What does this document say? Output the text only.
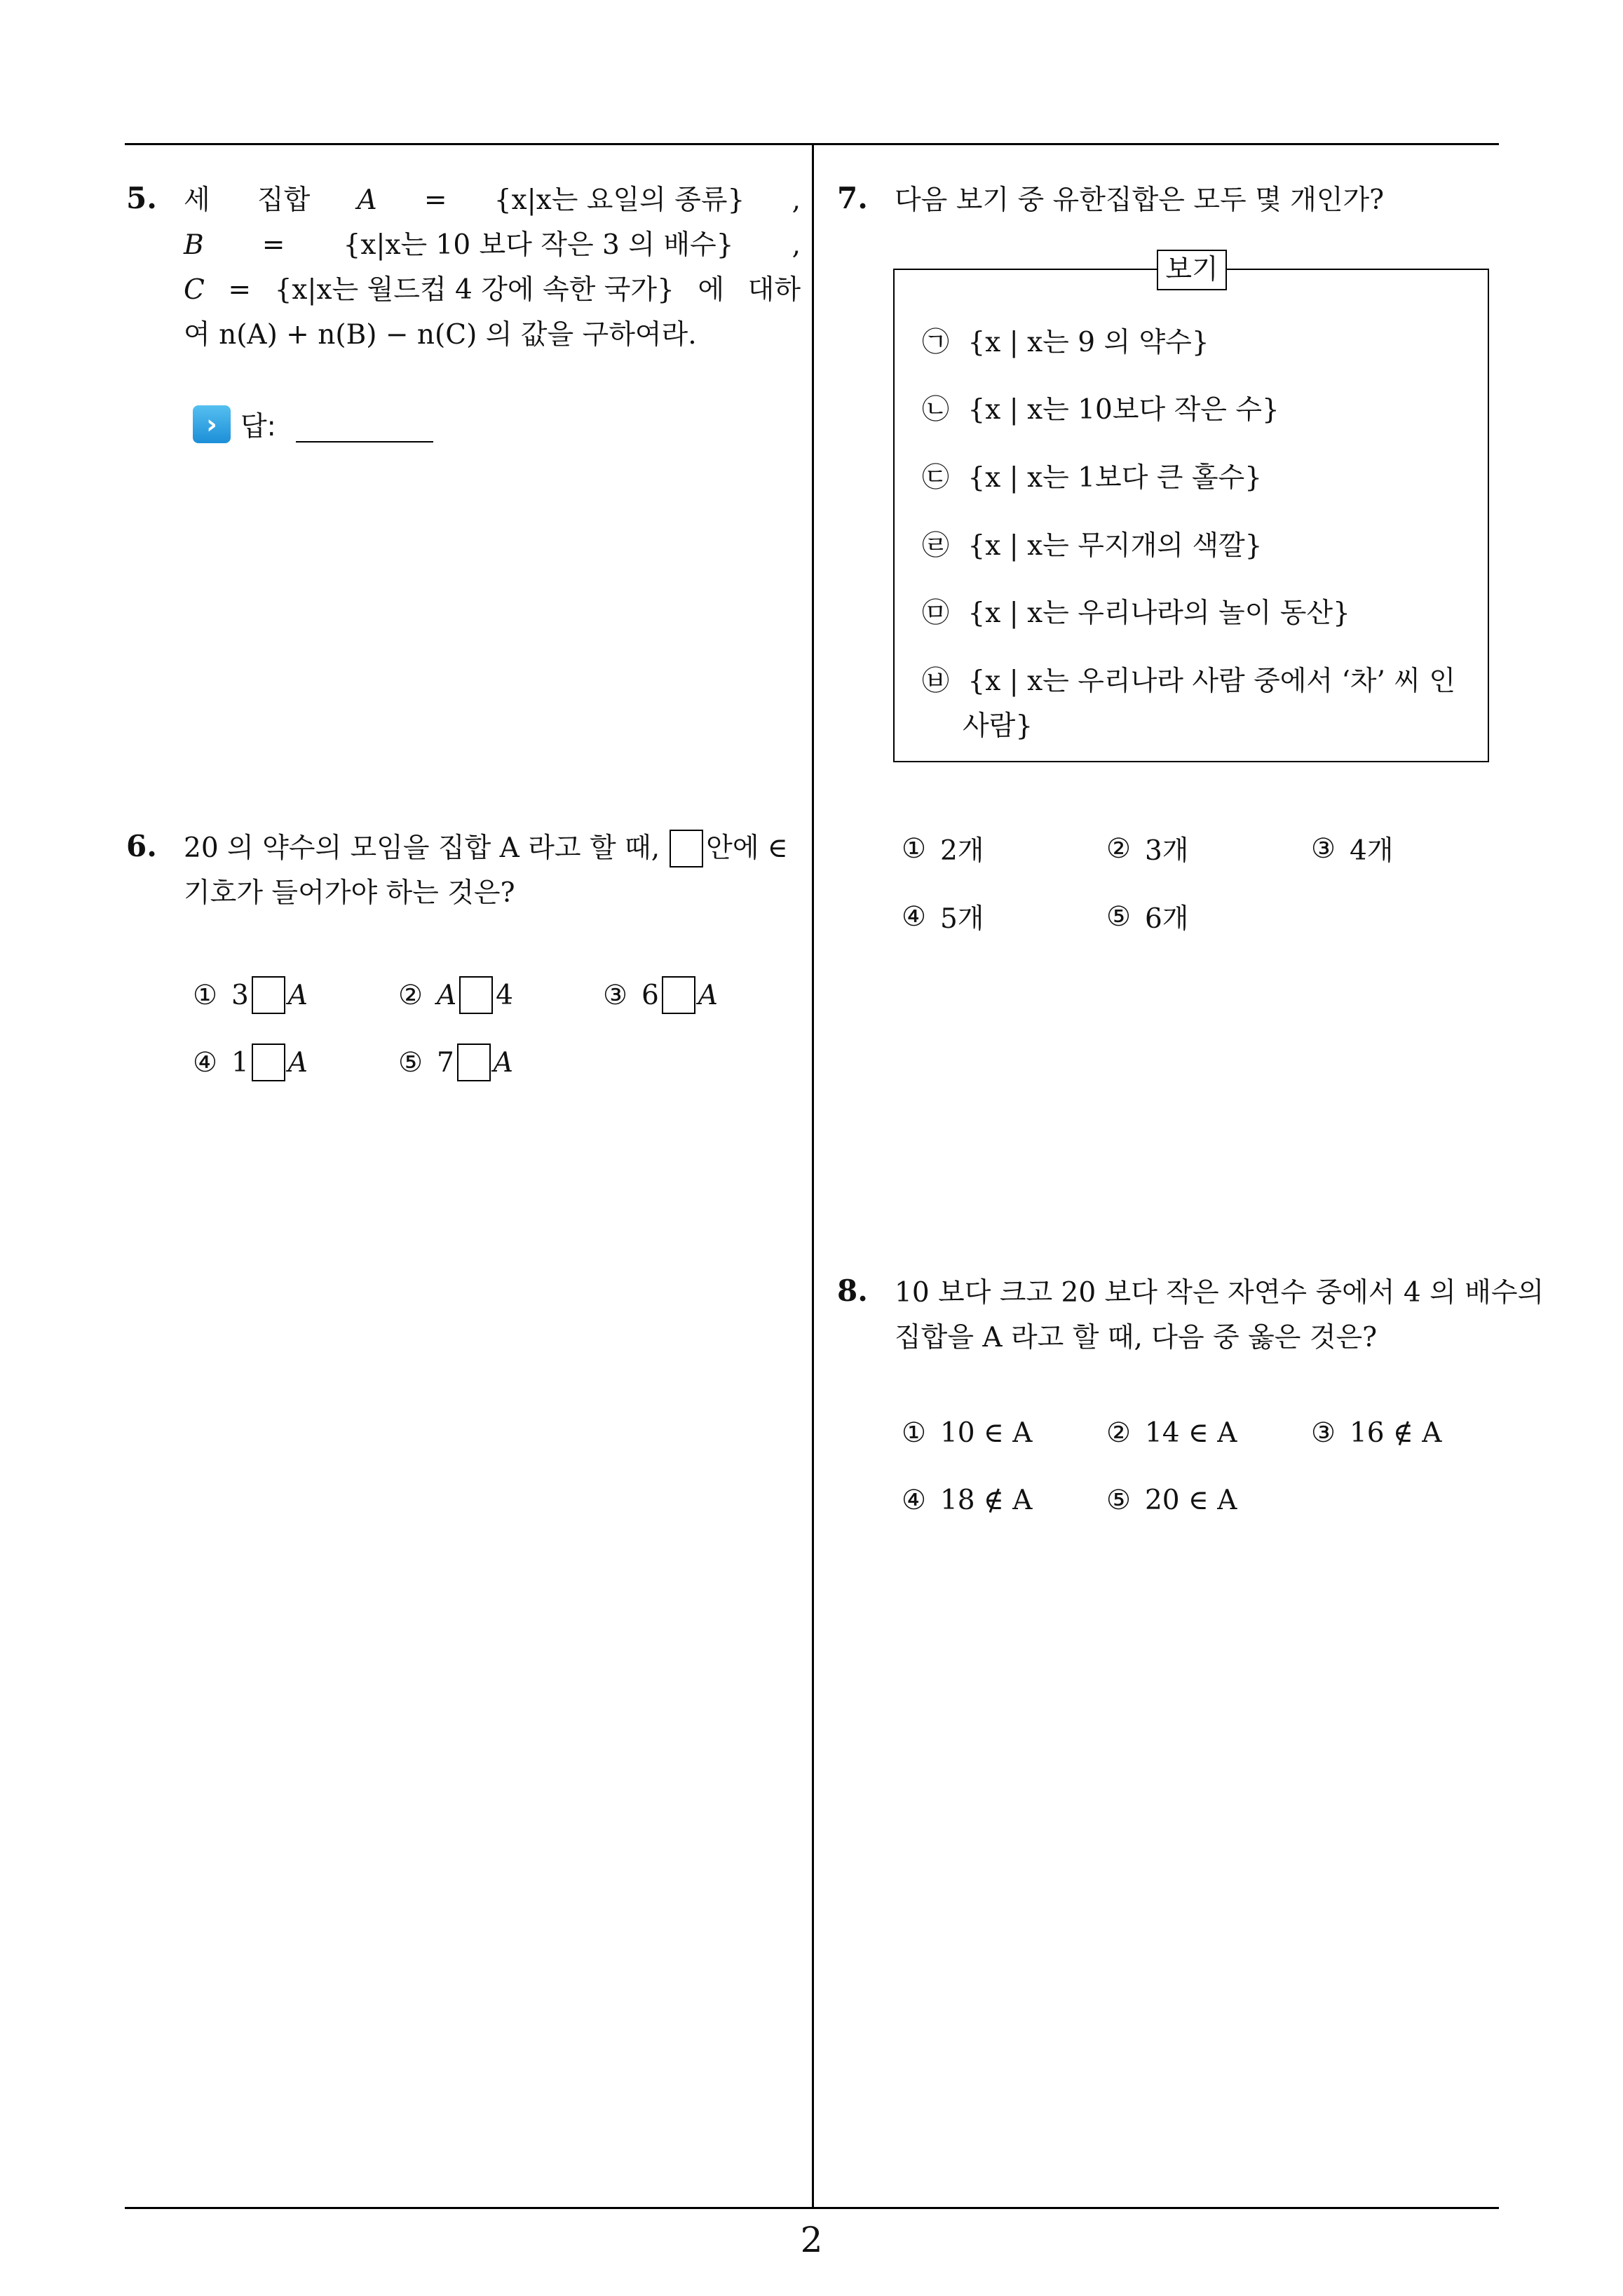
2
5. 세 집합 A = {x|x는 요일의 종류} ,
B = {x|x는 10 보다 작은 3 의 배수} ,
C = {x|x는 월드컵 4 강에 속한 국가} 에 대하
여 n(A) + n(B) − n(C) 의 값을 구하여라.
› 답:
6. 20 의 약수의 모임을 집합 A 라고 할 때, 안에 ∈
기호가 들어가야 하는 것은?
① 3 A	② A 4	③ 6 A
④ 1 A	⑤ 7 A
7. 다음 보기 중 유한집합은 모두 몇 개인가?
보기
㉠ {x | x는 9 의 약수}
㉡ {x | x는 10보다 작은 수}
㉢ {x | x는 1보다 큰 홀수}
㉣ {x | x는 무지개의 색깔}
㉤ {x | x는 우리나라의 놀이 동산}
㉥ {x | x는 우리나라 사람 중에서 ‘차’ 씨 인
사람}
① 2개	② 3개	③ 4개
④ 5개	⑤ 6개
8. 10 보다 크고 20 보다 작은 자연수 중에서 4 의 배수의
집합을 A 라고 할 때, 다음 중 옳은 것은?
① 10 ∈ A	② 14 ∈ A	③ 16 ∉ A
④ 18 ∉ A	⑤ 20 ∈ A
